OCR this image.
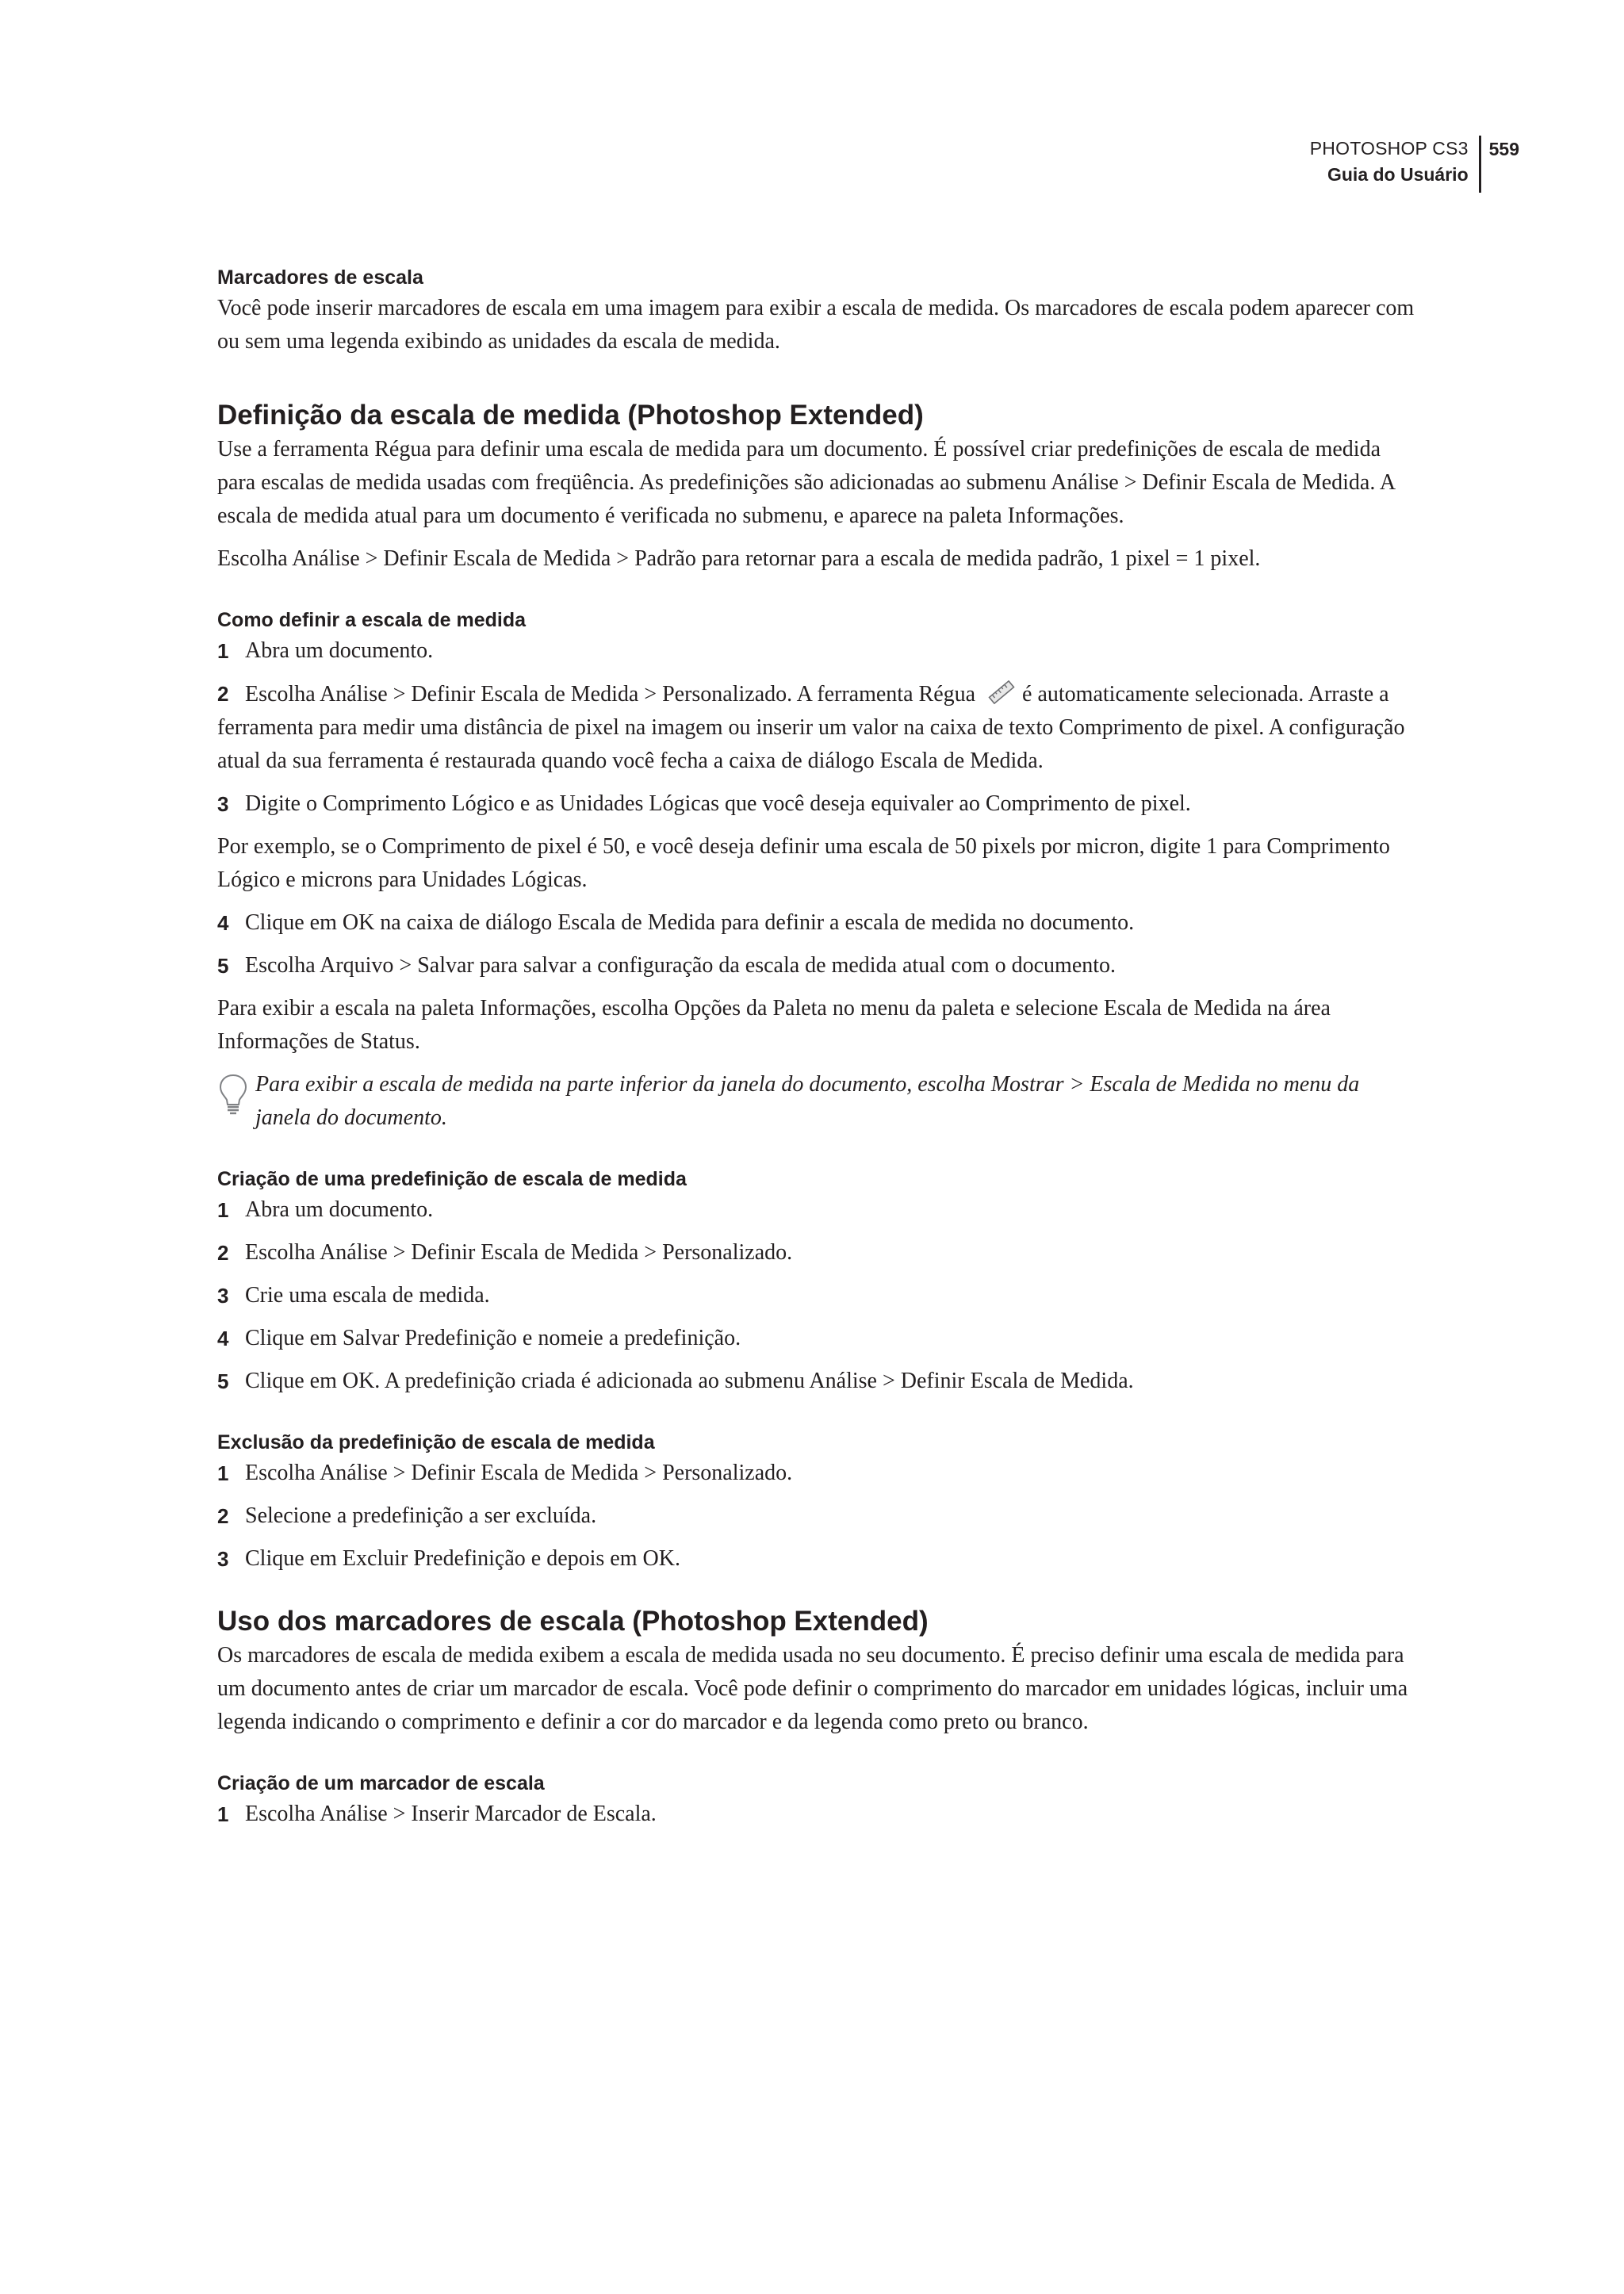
PHOTOSHOP CS3
Guia do Usuário
559
Marcadores de escala

Você pode inserir marcadores de escala em uma imagem para exibir a escala de medida. Os marcadores de escala podem aparecer com ou sem uma legenda exibindo as unidades da escala de medida.

Definição da escala de medida (Photoshop Extended)

Use a ferramenta Régua para definir uma escala de medida para um documento. É possível criar predefinições de escala de medida para escalas de medida usadas com freqüência. As predefinições são adicionadas ao submenu Análise > Definir Escala de Medida. A escala de medida atual para um documento é verificada no submenu, e aparece na paleta Informações.

Escolha Análise > Definir Escala de Medida > Padrão para retornar para a escala de medida padrão, 1 pixel = 1 pixel.

Como definir a escala de medida
1 Abra um documento.
2 Escolha Análise > Definir Escala de Medida > Personalizado. A ferramenta Régua é automaticamente selecionada. Arraste a ferramenta para medir uma distância de pixel na imagem ou inserir um valor na caixa de texto Comprimento de pixel. A configuração atual da sua ferramenta é restaurada quando você fecha a caixa de diálogo Escala de Medida.
3 Digite o Comprimento Lógico e as Unidades Lógicas que você deseja equivaler ao Comprimento de pixel.

Por exemplo, se o Comprimento de pixel é 50, e você deseja definir uma escala de 50 pixels por micron, digite 1 para Comprimento Lógico e microns para Unidades Lógicas.

4 Clique em OK na caixa de diálogo Escala de Medida para definir a escala de medida no documento.
5 Escolha Arquivo > Salvar para salvar a configuração da escala de medida atual com o documento.

Para exibir a escala na paleta Informações, escolha Opções da Paleta no menu da paleta e selecione Escala de Medida na área Informações de Status.

Para exibir a escala de medida na parte inferior da janela do documento, escolha Mostrar > Escala de Medida no menu da janela do documento.
Criação de uma predefinição de escala de medida
1 Abra um documento.
2 Escolha Análise > Definir Escala de Medida > Personalizado.
3 Crie uma escala de medida.
4 Clique em Salvar Predefinição e nomeie a predefinição.
5 Clique em OK. A predefinição criada é adicionada ao submenu Análise > Definir Escala de Medida.
Exclusão da predefinição de escala de medida
1 Escolha Análise > Definir Escala de Medida > Personalizado.
2 Selecione a predefinição a ser excluída.
3 Clique em Excluir Predefinição e depois em OK.
Uso dos marcadores de escala (Photoshop Extended)

Os marcadores de escala de medida exibem a escala de medida usada no seu documento. É preciso definir uma escala de medida para um documento antes de criar um marcador de escala. Você pode definir o comprimento do marcador em unidades lógicas, incluir uma legenda indicando o comprimento e definir a cor do marcador e da legenda como preto ou branco.

Criação de um marcador de escala
1 Escolha Análise > Inserir Marcador de Escala.
